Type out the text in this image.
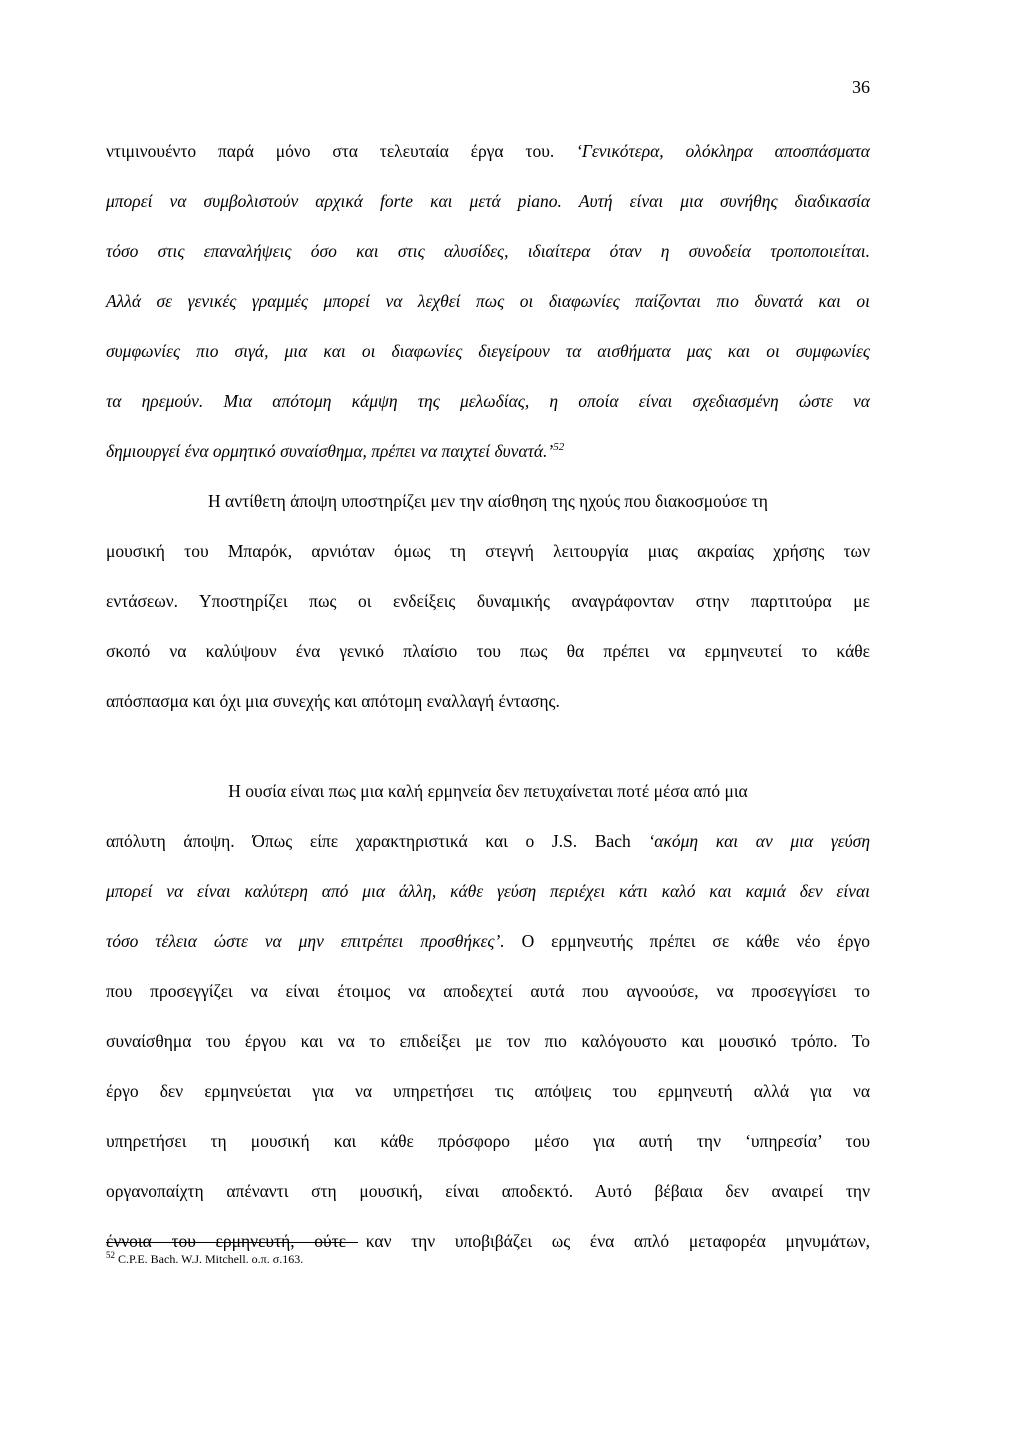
36
ντιμινουέντο παρά μόνο στα τελευταία έργα του. ‘Γενικότερα, ολόκληρα αποσπάσματα
μπορεί να συμβολιστούν αρχικά forte και μετά piano. Αυτή είναι μια συνήθης διαδικασία
τόσο στις επαναλήψεις όσο και στις αλυσίδες, ιδιαίτερα όταν η συνοδεία τροποποιείται.
Αλλά σε γενικές γραμμές μπορεί να λεχθεί πως οι διαφωνίες παίζονται πιο δυνατά και οι
συμφωνίες πιο σιγά, μια και οι διαφωνίες διεγείρουν τα αισθήματα μας και οι συμφωνίες
τα ηρεμούν. Μια απότομη κάμψη της μελωδίας, η οποία είναι σχεδιασμένη ώστε να
δημιουργεί ένα ορμητικό συναίσθημα, πρέπει να παιχτεί δυνατά.’$^{52}$
Η αντίθετη άποψη υποστηρίζει μεν την αίσθηση της ηχούς που διακοσμούσε τη
μουσική του Μπαρόκ, αρνιόταν όμως τη στεγνή λειτουργία μιας ακραίας χρήσης των
εντάσεων. Υποστηρίζει πως οι ενδείξεις δυναμικής αναγράφονταν στην παρτιτούρα με
σκοπό να καλύψουν ένα γενικό πλαίσιο του πως θα πρέπει να ερμηνευτεί το κάθε
απόσπασμα και όχι μια συνεχής και απότομη εναλλαγή έντασης.
Η ουσία είναι πως μια καλή ερμηνεία δεν πετυχαίνεται ποτέ μέσα από μια
απόλυτη άποψη. Όπως είπε χαρακτηριστικά και ο J.S. Bach ‘ακόμη και αν μια γεύση
μπορεί να είναι καλύτερη από μια άλλη, κάθε γεύση περιέχει κάτι καλό και καμιά δεν είναι
τόσο τέλεια ώστε να μην επιτρέπει προσθήκες’. Ο ερμηνευτής πρέπει σε κάθε νέο έργο
που προσεγγίζει να είναι έτοιμος να αποδεχτεί αυτά που αγνοούσε, να προσεγγίσει το
συναίσθημα του έργου και να το επιδείξει με τον πιο καλόγουστο και μουσικό τρόπο. Το
έργο δεν ερμηνεύεται για να υπηρετήσει τις απόψεις του ερμηνευτή αλλά για να
υπηρετήσει τη μουσική και κάθε πρόσφορο μέσο για αυτή την ‘υπηρεσία’ του
οργανοπαίχτη απέναντι στη μουσική, είναι αποδεκτό. Αυτό βέβαια δεν αναιρεί την
έννοια του ερμηνευτή, ούτε καν την υποβιβάζει ως ένα απλό μεταφορέα μηνυμάτων,
$^{52}$ C.P.E. Bach. W.J. Mitchell. ο.π. σ.163.
